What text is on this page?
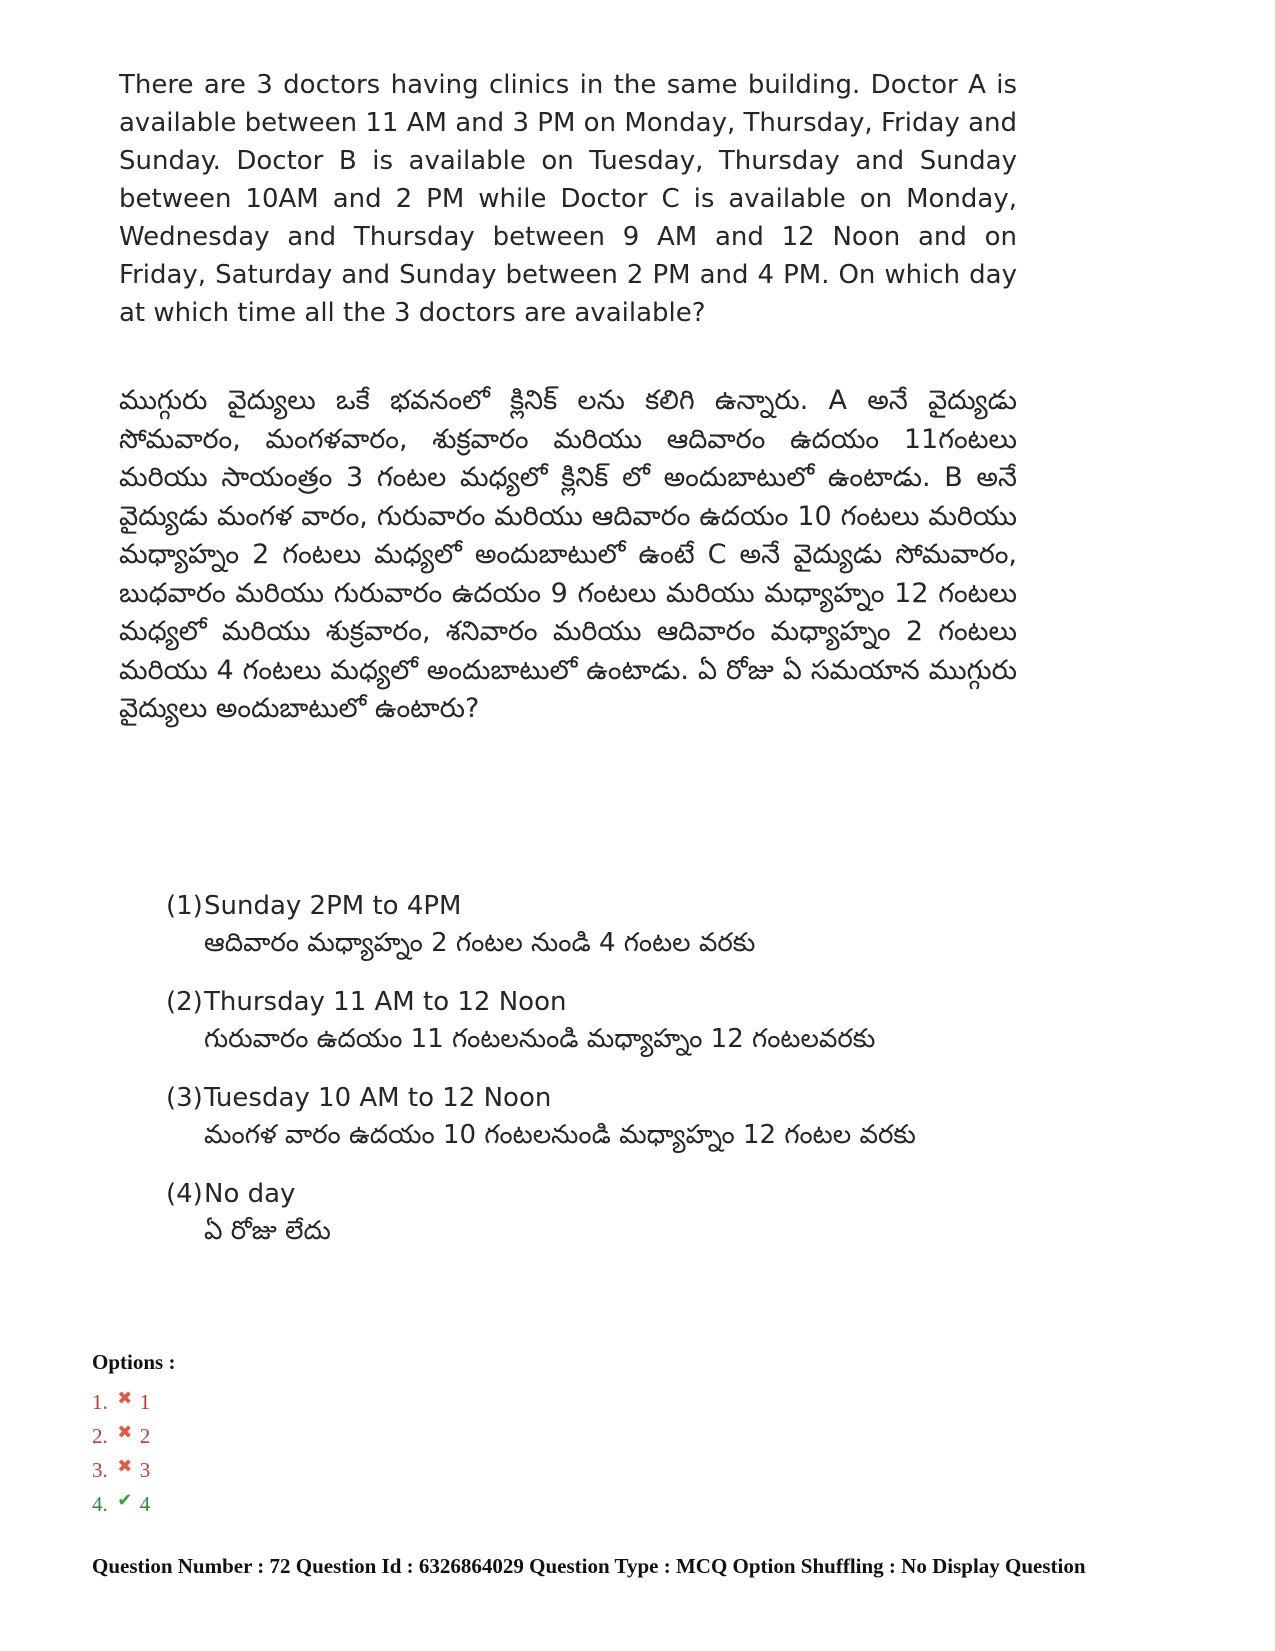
There are 3 doctors having clinics in the same building. Doctor A is available between 11 AM and 3 PM on Monday, Thursday, Friday and Sunday. Doctor B is available on Tuesday, Thursday and Sunday between 10AM and 2 PM while Doctor C is available on Monday, Wednesday and Thursday between 9 AM and 12 Noon and on Friday, Saturday and Sunday between 2 PM and 4 PM. On which day at which time all the 3 doctors are available?

ముగ్గురు వైద్యులు ఒకే భవనంలో క్లినిక్ లను కలిగి ఉన్నారు. A అనే వైద్యుడు సోమవారం, మంగళవారం, శుక్రవారం మరియు ఆదివారం ఉదయం 11గంటలు మరియు సాయంత్రం 3 గంటల మధ్యలో క్లినిక్ లో అందుబాటులో ఉంటాడు. B అనే వైద్యుడు మంగళ వారం, గురువారం మరియు ఆదివారం ఉదయం 10 గంటలు మరియు మధ్యాహ్నం 2 గంటలు మధ్యలో అందుబాటులో ఉంటే C అనే వైద్యుడు సోమవారం, బుధవారం మరియు గురువారం ఉదయం 9 గంటలు మరియు మధ్యాహ్నం 12 గంటలు మధ్యలో మరియు శుక్రవారం, శనివారం మరియు ఆదివారం మధ్యాహ్నం 2 గంటలు మరియు 4 గంటలు మధ్యలో అందుబాటులో ఉంటాడు. ఏ రోజు ఏ సమయాన ముగ్గురు వైద్యులు అందుబాటులో ఉంటారు?

(1) Sunday 2PM to 4PM
ఆదివారం మధ్యాహ్నం 2 గంటల నుండి 4 గంటల వరకు
(2) Thursday 11 AM to 12 Noon
గురువారం ఉదయం 11 గంటలనుండి మధ్యాహ్నం 12 గంటలవరకు
(3) Tuesday 10 AM to 12 Noon
మంగళ వారం ఉదయం 10 గంటలనుండి మధ్యాహ్నం 12 గంటల వరకు
(4) No day
ఏ రోజు లేదు
Options :
1. ✖ 1
2. ✖ 2
3. ✖ 3
4. ✔ 4
Question Number : 72 Question Id : 6326864029 Question Type : MCQ Option Shuffling : No Display Question
